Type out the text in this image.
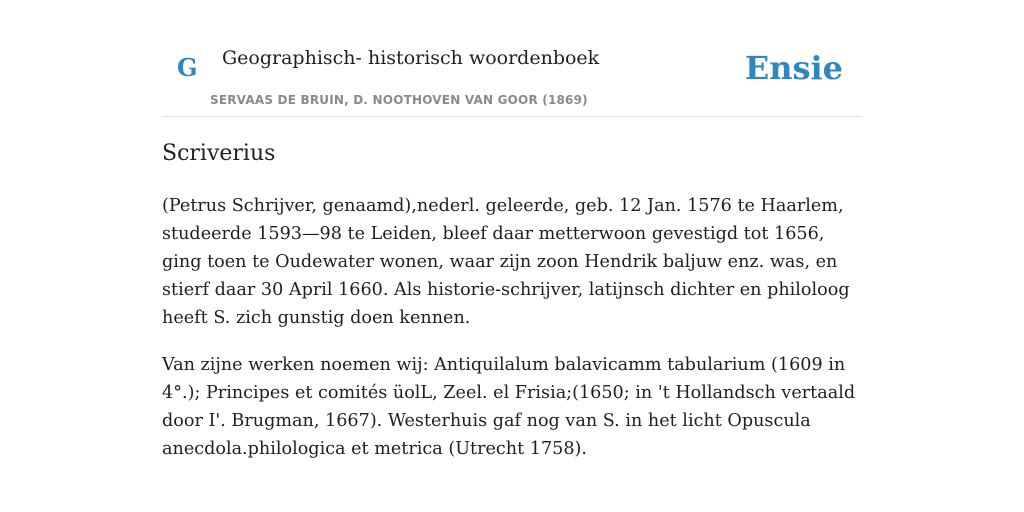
G Geographisch- historisch woordenboek
SERVAAS DE BRUIN, D. NOOTHOVEN VAN GOOR (1869)
Ensie
Scriverius

(Petrus Schrijver, genaamd),nederl. geleerde, geb. 12 Jan. 1576 te Haarlem, studeerde 1593—98 te Leiden, bleef daar metterwoon gevestigd tot 1656, ging toen te Oudewater wonen, waar zijn zoon Hendrik baljuw enz. was, en stierf daar 30 April 1660. Als historie-schrijver, latijnsch dichter en philoloog heeft S. zich gunstig doen kennen.

Van zijne werken noemen wij: Antiquilalum balavicamm tabularium (1609 in 4°.); Principes et comités üolL, Zeel. el Frisia;(1650; in 't Hollandsch vertaald door I'. Brugman, 1667). Westerhuis gaf nog van S. in het licht Opuscula anecdola.philologica et metrica (Utrecht 1758).
